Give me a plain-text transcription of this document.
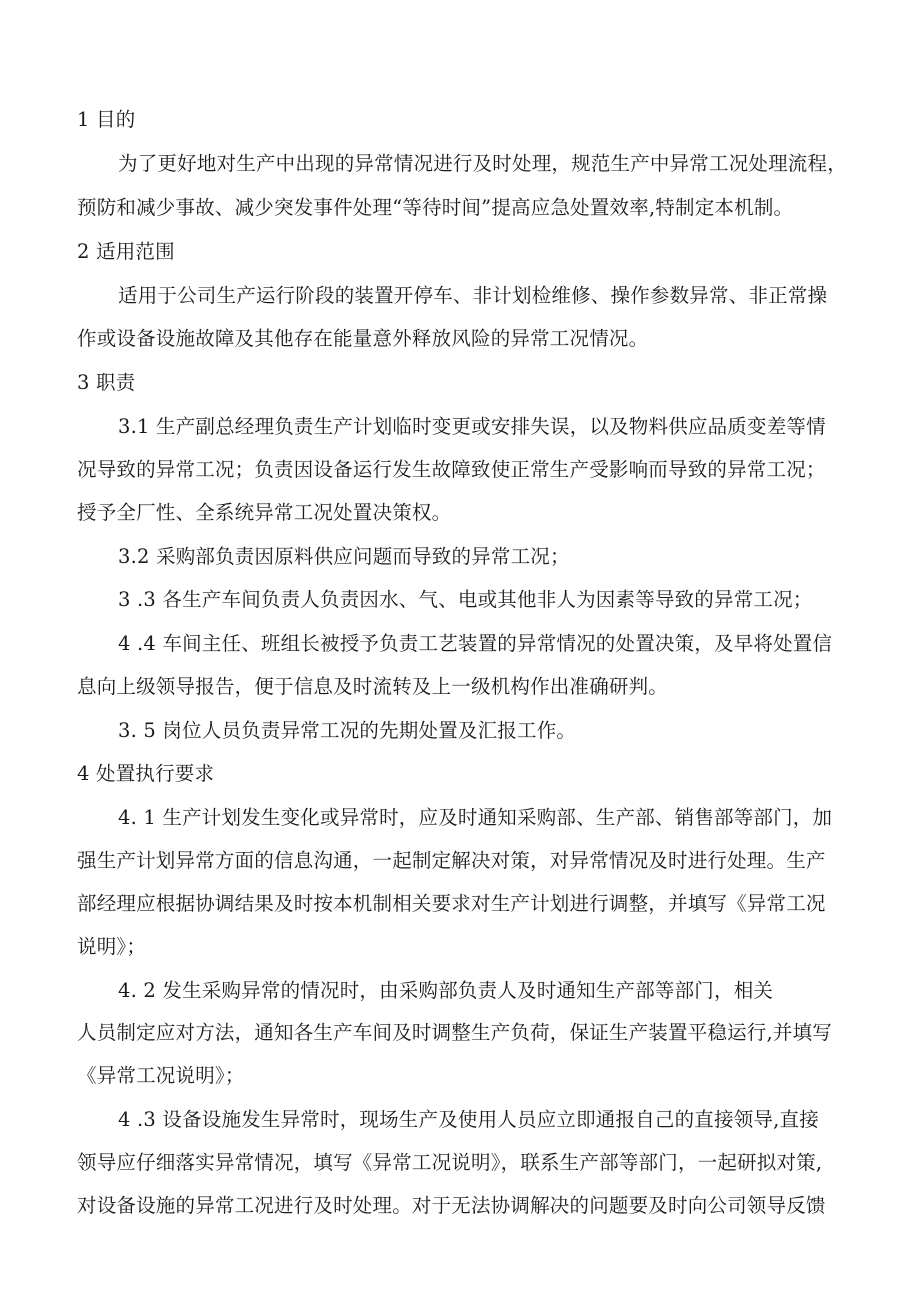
1 目的
为了更好地对生产中出现的异常情况进行及时处理，规范生产中异常工况处理流程，
预防和减少事故、减少突发事件处理“等待时间”提高应急处置效率,特制定本机制。
2 适用范围
适用于公司生产运行阶段的装置开停车、非计划检维修、操作参数异常、非正常操
作或设备设施故障及其他存在能量意外释放风险的异常工况情况。
3 职责
3.1 生产副总经理负责生产计划临时变更或安排失误，以及物料供应品质变差等情
况导致的异常工况；负责因设备运行发生故障致使正常生产受影响而导致的异常工况；
授予全厂性、全系统异常工况处置决策权。
3.2 采购部负责因原料供应问题而导致的异常工况；
3 .3 各生产车间负责人负责因水、气、电或其他非人为因素等导致的异常工况；
4 .4 车间主任、班组长被授予负责工艺装置的异常情况的处置决策，及早将处置信
息向上级领导报告，便于信息及时流转及上一级机构作出准确研判。
3. 5 岗位人员负责异常工况的先期处置及汇报工作。
4 处置执行要求
4. 1 生产计划发生变化或异常时，应及时通知采购部、生产部、销售部等部门，加
强生产计划异常方面的信息沟通，一起制定解决对策，对异常情况及时进行处理。生产
部经理应根据协调结果及时按本机制相关要求对生产计划进行调整，并填写《异常工况
说明》；
4. 2 发生采购异常的情况时，由采购部负责人及时通知生产部等部门，相关
人员制定应对方法，通知各生产车间及时调整生产负荷，保证生产装置平稳运行,并填写
《异常工况说明》；
4 .3 设备设施发生异常时，现场生产及使用人员应立即通报自己的直接领导,直接
领导应仔细落实异常情况，填写《异常工况说明》，联系生产部等部门，一起研拟对策,
对设备设施的异常工况进行及时处理。对于无法协调解决的问题要及时向公司领导反馈
